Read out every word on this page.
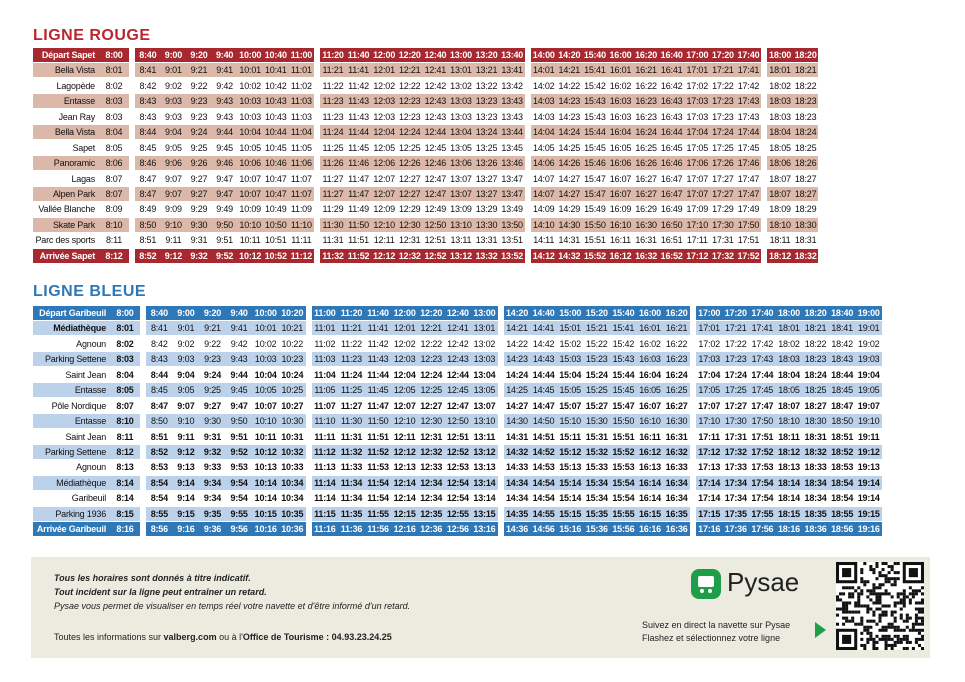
LIGNE ROUGE
Départ Sapet	8:00	8:40 9:00 9:20 9:40 10:00 10:40 11:00 11:20 11:40 12:00 12:20 12:40 13:00 13:20 13:40 14:00 14:20 15:40 16:00 16:20 16:40 17:00 17:20 17:40 18:00 18:20
Bella Vista	8:01	8:41 9:01 9:21 9:41 10:01 10:41 11:01 11:21 11:41 12:01 12:21 12:41 13:01 13:21 13:41 14:01 14:21 15:41 16:01 16:21 16:41 17:01 17:21 17:41 18:01 18:21
Lagopède	8:02	8:42 9:02 9:22 9:42 10:02 10:42 11:02 11:22 11:42 12:02 12:22 12:42 13:02 13:22 13:42 14:02 14:22 15:42 16:02 16:22 16:42 17:02 17:22 17:42 18:02 18:22
Entasse	8:03	8:43 9:03 9:23 9:43 10:03 10:43 11:03 11:23 11:43 12:03 12:23 12:43 13:03 13:23 13:43 14:03 14:23 15:43 16:03 16:23 16:43 17:03 17:23 17:43 18:03 18:23
Jean Ray	8:03	8:43 9:03 9:23 9:43 10:03 10:43 11:03 11:23 11:43 12:03 12:23 12:43 13:03 13:23 13:43 14:03 14:23 15:43 16:03 16:23 16:43 17:03 17:23 17:43 18:03 18:23
Bella Vista	8:04	8:44 9:04 9:24 9:44 10:04 10:44 11:04 11:24 11:44 12:04 12:24 12:44 13:04 13:24 13:44 14:04 14:24 15:44 16:04 16:24 16:44 17:04 17:24 17:44 18:04 18:24
Sapet	8:05	8:45 9:05 9:25 9:45 10:05 10:45 11:05 11:25 11:45 12:05 12:25 12:45 13:05 13:25 13:45 14:05 14:25 15:45 16:05 16:25 16:45 17:05 17:25 17:45 18:05 18:25
Panoramic	8:06	8:46 9:06 9:26 9:46 10:06 10:46 11:06 11:26 11:46 12:06 12:26 12:46 13:06 13:26 13:46 14:06 14:26 15:46 16:06 16:26 16:46 17:06 17:26 17:46 18:06 18:26
Lagas	8:07	8:47 9:07 9:27 9:47 10:07 10:47 11:07 11:27 11:47 12:07 12:27 12:47 13:07 13:27 13:47 14:07 14:27 15:47 16:07 16:27 16:47 17:07 17:27 17:47 18:07 18:27
Alpen Park	8:07	8:47 9:07 9:27 9:47 10:07 10:47 11:07 11:27 11:47 12:07 12:27 12:47 13:07 13:27 13:47 14:07 14:27 15:47 16:07 16:27 16:47 17:07 17:27 17:47 18:07 18:27
Vallée Blanche	8:09	8:49 9:09 9:29 9:49 10:09 10:49 11:09 11:29 11:49 12:09 12:29 12:49 13:09 13:29 13:49 14:09 14:29 15:49 16:09 16:29 16:49 17:09 17:29 17:49 18:09 18:29
Skate Park	8:10	8:50 9:10 9:30 9:50 10:10 10:50 11:10 11:30 11:50 12:10 12:30 12:50 13:10 13:30 13:50 14:10 14:30 15:50 16:10 16:30 16:50 17:10 17:30 17:50 18:10 18:30
Parc des sports	8:11	8:51	9:11	9:31 9:51 10:11 10:51 11:11	11:31 11:51 12:11 12:31 12:51 13:11 13:31 13:51 14:11 14:31 15:51 16:11 16:31 16:51 17:11 17:31 17:51 18:11 18:31
Arrivée Sapet	8:12	8:52 9:12 9:32 9:52 10:12 10:52 11:12 11:32 11:52 12:12 12:32 12:52 13:12 13:32 13:52 14:12 14:32 15:52 16:12 16:32 16:52 17:12 17:32 17:52 18:12 18:32
LIGNE BLEUE
Départ Garibeuil	8:00	8:40	9:00	9:20	9:40 10:00 10:20 11:00 11:20 11:40 12:00 12:20 12:40 13:00 14:20 14:40 15:00 15:20 15:40 16:00 16:20 17:00 17:20 17:40 18:00 18:20 18:40 19:00
Médiathèque	8:01	8:41	9:01	9:21	9:41 10:01 10:21	11:01 11:21 11:41 12:01 12:21 12:41 13:01 14:21 14:41 15:01 15:21 15:41 16:01 16:21 17:01 17:21 17:41 18:01 18:21 18:41 19:01
Agnoun	8:02	8:42	9:02	9:22	9:42 10:02 10:22	11:02 11:22 11:42 12:02 12:22 12:42 13:02 14:22 14:42 15:02 15:22 15:42 16:02 16:22 17:02 17:22 17:42 18:02 18:22 18:42 19:02
Parking Settene	8:03	8:43	9:03	9:23	9:43 10:03 10:23	11:03 11:23 11:43 12:03 12:23 12:43 13:03 14:23 14:43 15:03 15:23 15:43 16:03 16:23 17:03 17:23 17:43 18:03 18:23 18:43 19:03
Saint Jean	8:04	8:44	9:04	9:24	9:44 10:04 10:24 11:04 11:24 11:44 12:04 12:24 12:44 13:04 14:24 14:44 15:04 15:24 15:44 16:04 16:24 17:04 17:24 17:44 18:04 18:24 18:44 19:04
Entasse	8:05	8:45	9:05	9:25	9:45 10:05 10:25	11:05 11:25 11:45 12:05 12:25 12:45 13:05 14:25 14:45 15:05 15:25 15:45 16:05 16:25 17:05 17:25 17:45 18:05 18:25 18:45 19:05
Pôle Nordique	8:07	8:47	9:07	9:27	9:47 10:07 10:27 11:07 11:27 11:47 12:07 12:27 12:47 13:07 14:27 14:47 15:07 15:27 15:47 16:07 16:27 17:07 17:27 17:47 18:07 18:27 18:47 19:07
Entasse	8:10	8:50	9:10	9:30	9:50 10:10 10:30	11:10 11:30 11:50 12:10 12:30 12:50 13:10 14:30 14:50 15:10 15:30 15:50 16:10 16:30 17:10 17:30 17:50 18:10 18:30 18:50 19:10
Saint Jean	8:11	8:51	9:11	9:31	9:51 10:11 10:31	11:11 11:31 11:51 12:11 12:31 12:51 13:11 14:31 14:51 15:11 15:31 15:51 16:11 16:31 17:11 17:31 17:51 18:11 18:31 18:51 19:11
Parking Settene	8:12	8:52	9:12	9:32	9:52 10:12 10:32 11:12 11:32 11:52 12:12 12:32 12:52 13:12 14:32 14:52 15:12 15:32 15:52 16:12 16:32 17:12 17:32 17:52 18:12 18:32 18:52 19:12
Agnoun	8:13	8:53	9:13	9:33	9:53 10:13 10:33 11:13 11:33 11:53 12:13 12:33 12:53 13:13 14:33 14:53 15:13 15:33 15:53 16:13 16:33 17:13 17:33 17:53 18:13 18:33 18:53 19:13
Médiathèque	8:14	8:54	9:14	9:34	9:54 10:14 10:34 11:14 11:34 11:54 12:14 12:34 12:54 13:14 14:34 14:54 15:14 15:34 15:54 16:14 16:34 17:14 17:34 17:54 18:14 18:34 18:54 19:14
Garibeuil	8:14	8:54	9:14	9:34	9:54 10:14 10:34 11:14 11:34 11:54 12:14 12:34 12:54 13:14 14:34 14:54 15:14 15:34 15:54 16:14 16:34 17:14 17:34 17:54 18:14 18:34 18:54 19:14
Parking 1936	8:15	8:55	9:15	9:35	9:55 10:15 10:35 11:15 11:35 11:55 12:15 12:35 12:55 13:15 14:35 14:55 15:15 15:35 15:55 16:15 16:35 17:15 17:35 17:55 18:15 18:35 18:55 19:15
Arrivée Garibeuil	8:16	8:56	9:16	9:36	9:56 10:16 10:36 11:16 11:36 11:56 12:16 12:36 12:56 13:16 14:36 14:56 15:16 15:36 15:56 16:16 16:36 17:16 17:36 17:56 18:16 18:36 18:56 19:16
Tous les horaires sont donnés à titre indicatif.
Tout incident sur la ligne peut entraîner un retard.
Pysae vous permet de visualiser en temps réel votre navette et d'être informé d'un retard.
Toutes les informations sur valberg.com ou à l'Office de Tourisme : 04.93.23.24.25
Pysae
Suivez en direct la navette sur Pysae
Flashez et sélectionnez votre ligne
